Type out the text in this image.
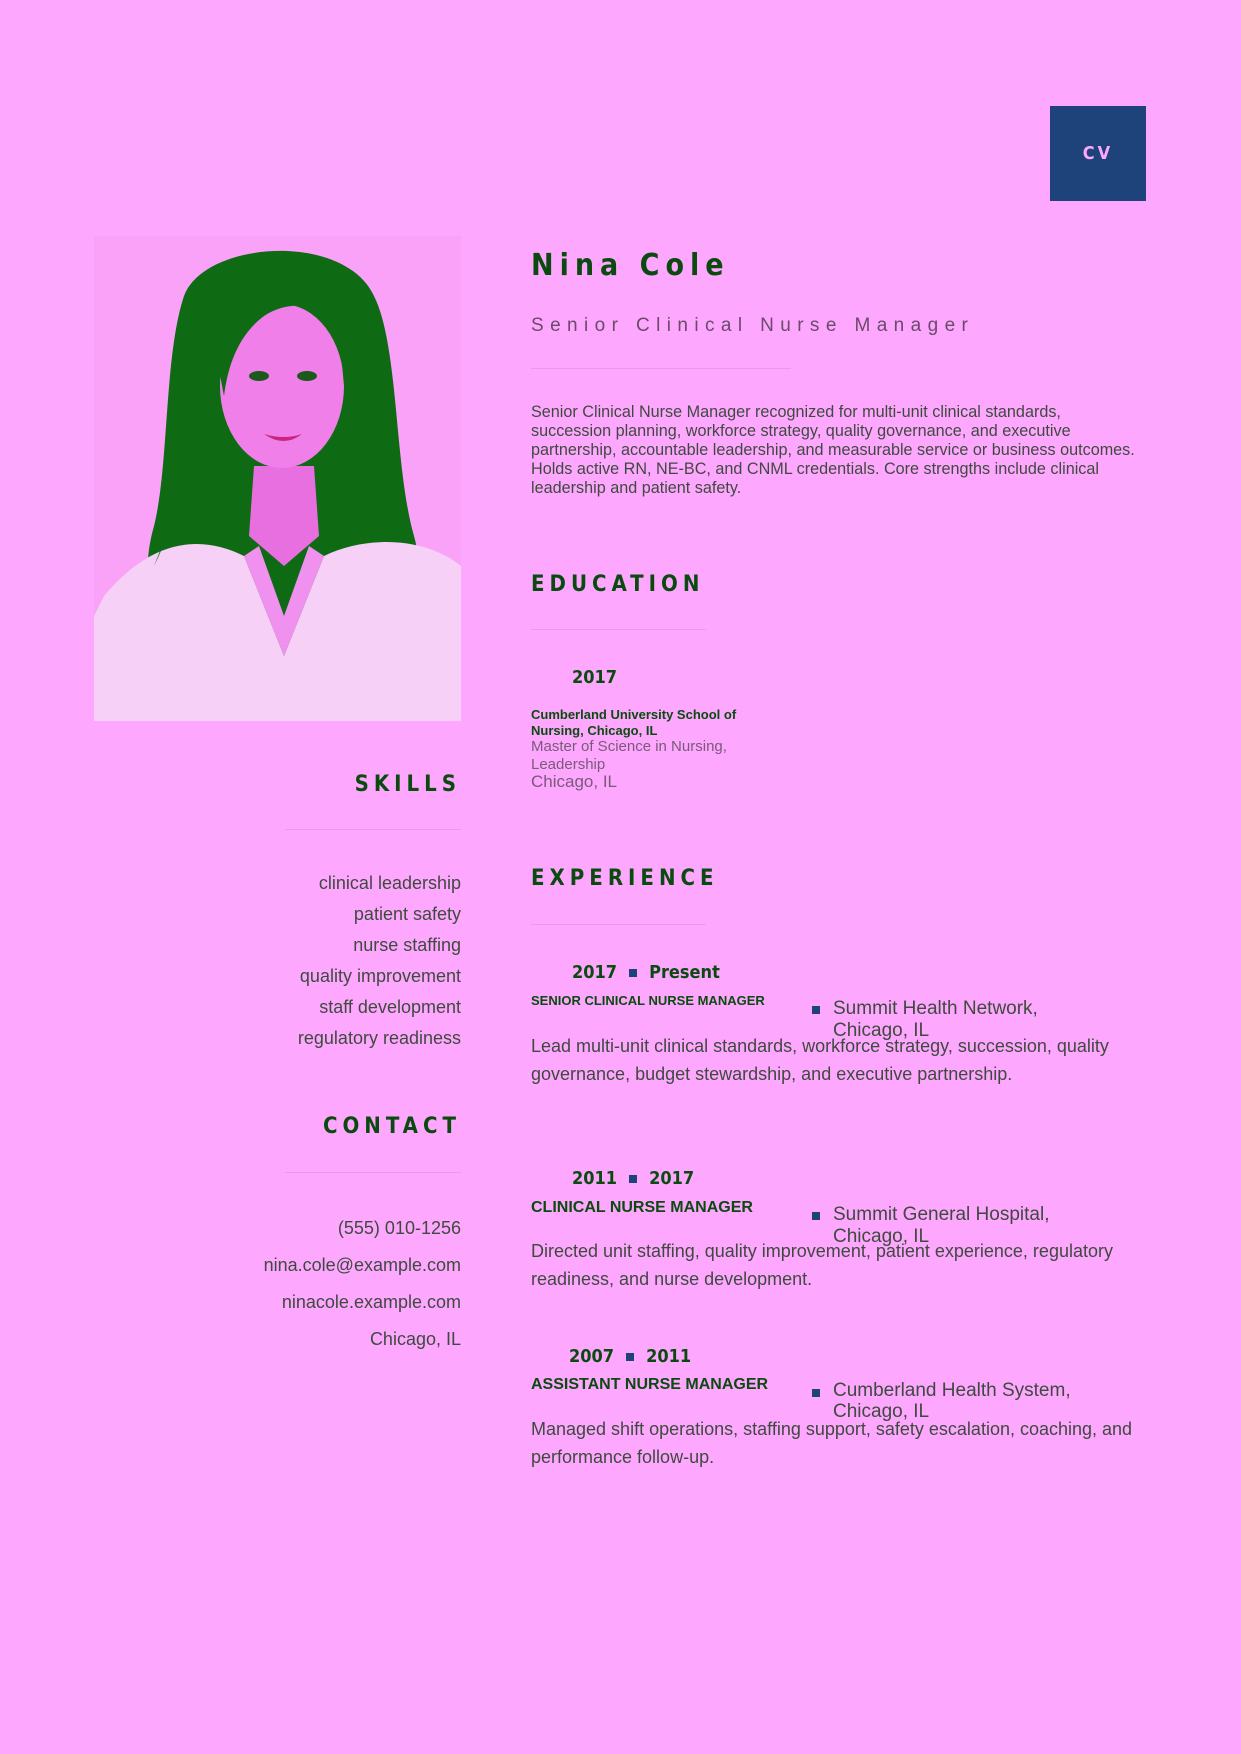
CV
Nina Cole
Senior Clinical Nurse Manager
Senior Clinical Nurse Manager recognized for multi-unit clinical standards, succession planning, workforce strategy, quality governance, and executive partnership, accountable leadership, and measurable service or business outcomes. Holds active RN, NE-BC, and CNML credentials. Core strengths include clinical leadership and patient safety.
EDUCATION
2017
Cumberland University School of Nursing, Chicago, IL
Master of Science in Nursing, Leadership
Chicago, IL
SKILLS
clinical leadership
patient safety
nurse staffing
quality improvement
staff development
regulatory readiness
CONTACT
(555) 010-1256
nina.cole@example.com
ninacole.example.com
Chicago, IL
EXPERIENCE
2017 Present
SENIOR CLINICAL NURSE MANAGER	Summit Health Network, Chicago, IL
Lead multi-unit clinical standards, workforce strategy, succession, quality governance, budget stewardship, and executive partnership.
2011 2017
CLINICAL NURSE MANAGER	Summit General Hospital, Chicago, IL
Directed unit staffing, quality improvement, patient experience, regulatory readiness, and nurse development.
2007 2011
ASSISTANT NURSE MANAGER	Cumberland Health System, Chicago, IL
Managed shift operations, staffing support, safety escalation, coaching, and performance follow-up.
